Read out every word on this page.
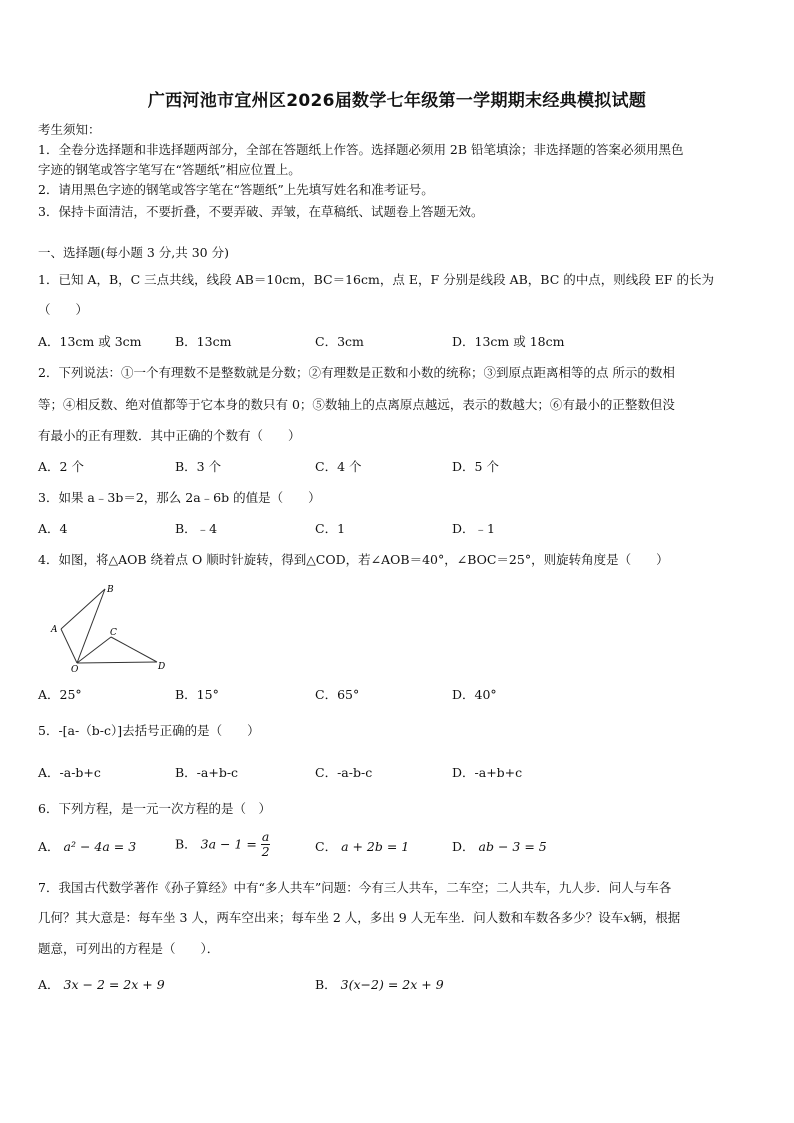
广西河池市宜州区2026届数学七年级第一学期期末经典模拟试题
考生须知：
1．全卷分选择题和非选择题两部分，全部在答题纸上作答。选择题必须用 2B 铅笔填涂；非选择题的答案必须用黑色
字迹的钢笔或答字笔写在“答题纸”相应位置上。
2．请用黑色字迹的钢笔或答字笔在“答题纸”上先填写姓名和准考证号。
3．保持卡面清洁，不要折叠，不要弄破、弄皱，在草稿纸、试题卷上答题无效。
一、选择题(每小题 3 分,共 30 分)
1．已知 A，B，C 三点共线，线段 AB＝10cm，BC＝16cm，点 E，F 分别是线段 AB，BC 的中点，则线段 EF 的长为
（　　）
A．13cm 或 3cm	B．13cm	C．3cm	D．13cm 或 18cm
2．下列说法：①一个有理数不是整数就是分数；②有理数是正数和小数的统称；③到原点距离相等的点 所示的数相
等；④相反数、绝对值都等于它本身的数只有 0；⑤数轴上的点离原点越远，表示的数越大；⑥有最小的正整数但没
有最小的正有理数．其中正确的个数有（　　）
A．2 个	B．3 个	C．4 个	D．5 个
3．如果 a﹣3b＝2，那么 2a﹣6b 的值是（　　）
A．4	B．﹣4	C．1	D．﹣1
4．如图，将△AOB 绕着点 O 顺时针旋转，得到△COD，若∠AOB＝40°，∠BOC＝25°，则旋转角度是（　　）
B
A	C
O	D
A．25°	B．15°	C．65°	D．40°
5．-[a-（b-c）]去括号正确的是（　　）
A．-a-b+c	B．-a+b-c	C．-a-b-c	D．-a+b+c
6．下列方程，是一元一次方程的是（　）
A． a² − 4a = 3	B． $3a - 1 = \frac{a}{2}$	C． a + 2b = 1	D． ab − 3 = 5
7．我国古代数学著作《孙子算经》中有“多人共车”问题：今有三人共车，二车空；二人共车，九人步．问人与车各
几何？其大意是：每车坐 3 人，两车空出来；每车坐 2 人，多出 9 人无车坐．问人数和车数各多少？设车x辆，根据
题意，可列出的方程是（　　）．
A． 3x − 2 = 2x + 9	B． 3(x−2) = 2x + 9
